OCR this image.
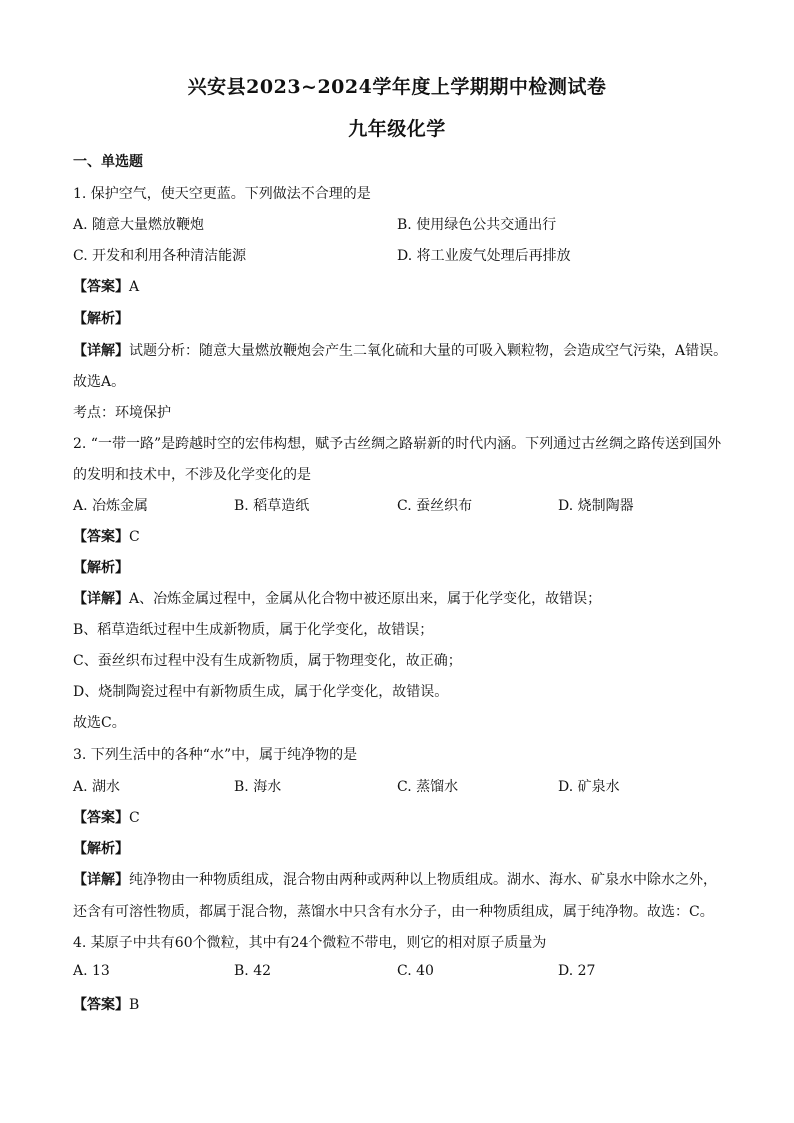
兴安县2023~2024学年度上学期期中检测试卷
九年级化学
一、单选题
1. 保护空气，使天空更蓝。下列做法不合理的是
A. 随意大量燃放鞭炮	B. 使用绿色公共交通出行
C. 开发和利用各种清洁能源	D. 将工业废气处理后再排放
【答案】A
【解析】
【详解】试题分析：随意大量燃放鞭炮会产生二氧化硫和大量的可吸入颗粒物，会造成空气污染，A错误。
故选A。
考点：环境保护
2. “一带一路”是跨越时空的宏伟构想，赋予古丝绸之路崭新的时代内涵。下列通过古丝绸之路传送到国外
的发明和技术中，不涉及化学变化的是
A. 冶炼金属	B. 稻草造纸	C. 蚕丝织布	D. 烧制陶器
【答案】C
【解析】
【详解】A、冶炼金属过程中，金属从化合物中被还原出来，属于化学变化，故错误；
B、稻草造纸过程中生成新物质，属于化学变化，故错误；
C、蚕丝织布过程中没有生成新物质，属于物理变化，故正确；
D、烧制陶瓷过程中有新物质生成，属于化学变化，故错误。
故选C。
3. 下列生活中的各种“水”中，属于纯净物的是
A. 湖水	B. 海水	C. 蒸馏水	D. 矿泉水
【答案】C
【解析】
【详解】纯净物由一种物质组成，混合物由两种或两种以上物质组成。湖水、海水、矿泉水中除水之外，
还含有可溶性物质，都属于混合物，蒸馏水中只含有水分子，由一种物质组成，属于纯净物。故选：C。
4. 某原子中共有60个微粒，其中有24个微粒不带电，则它的相对原子质量为
A. 13	B. 42	C. 40	D. 27
【答案】B
